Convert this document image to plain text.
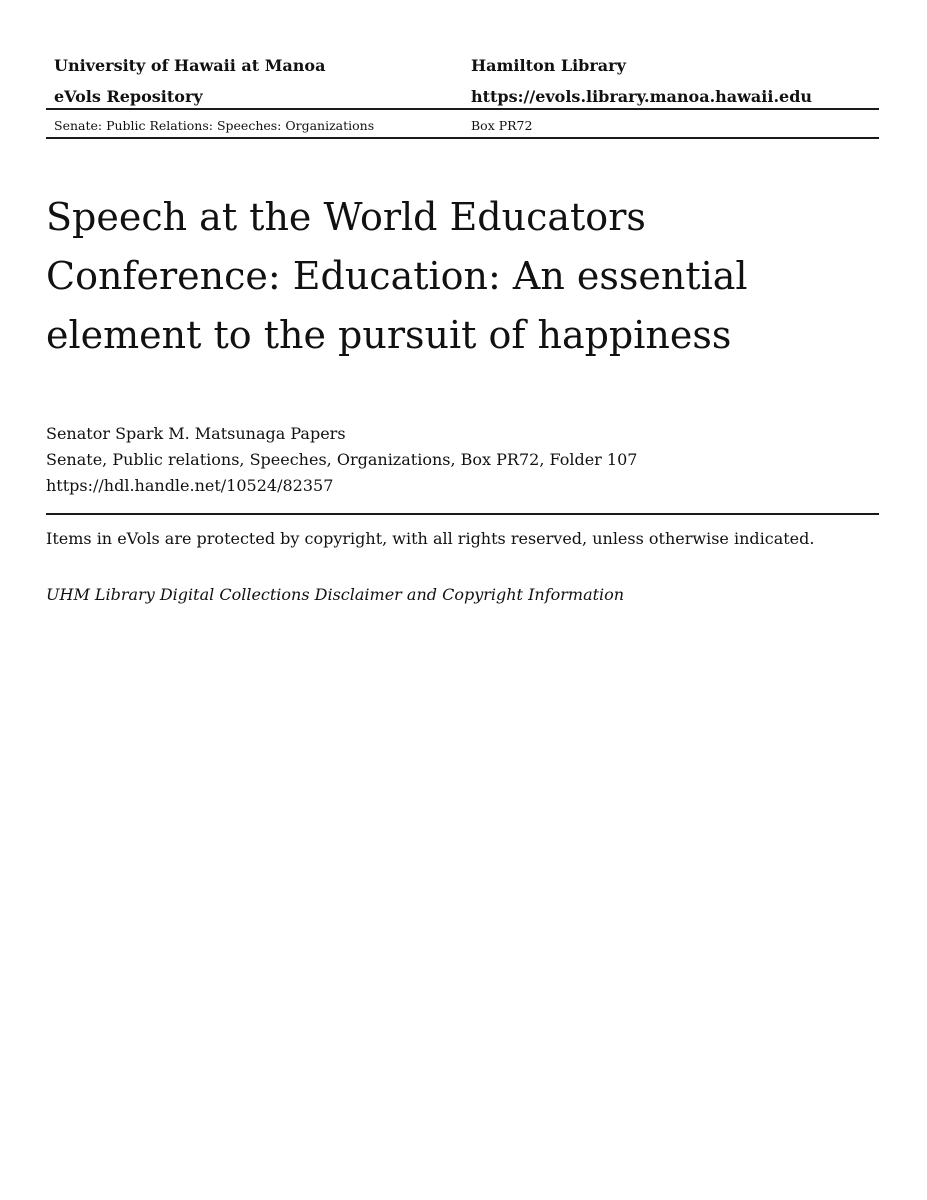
University of Hawaii at Manoa
eVols Repository
Hamilton Library
https://evols.library.manoa.hawaii.edu
Senate: Public Relations: Speeches: Organizations	Box PR72
Speech at the World Educators Conference: Education: An essential element to the pursuit of happiness
Senator Spark M. Matsunaga Papers
Senate, Public relations, Speeches, Organizations, Box PR72, Folder 107
https://hdl.handle.net/10524/82357
Items in eVols are protected by copyright, with all rights reserved, unless otherwise indicated.
UHM Library Digital Collections Disclaimer and Copyright Information
